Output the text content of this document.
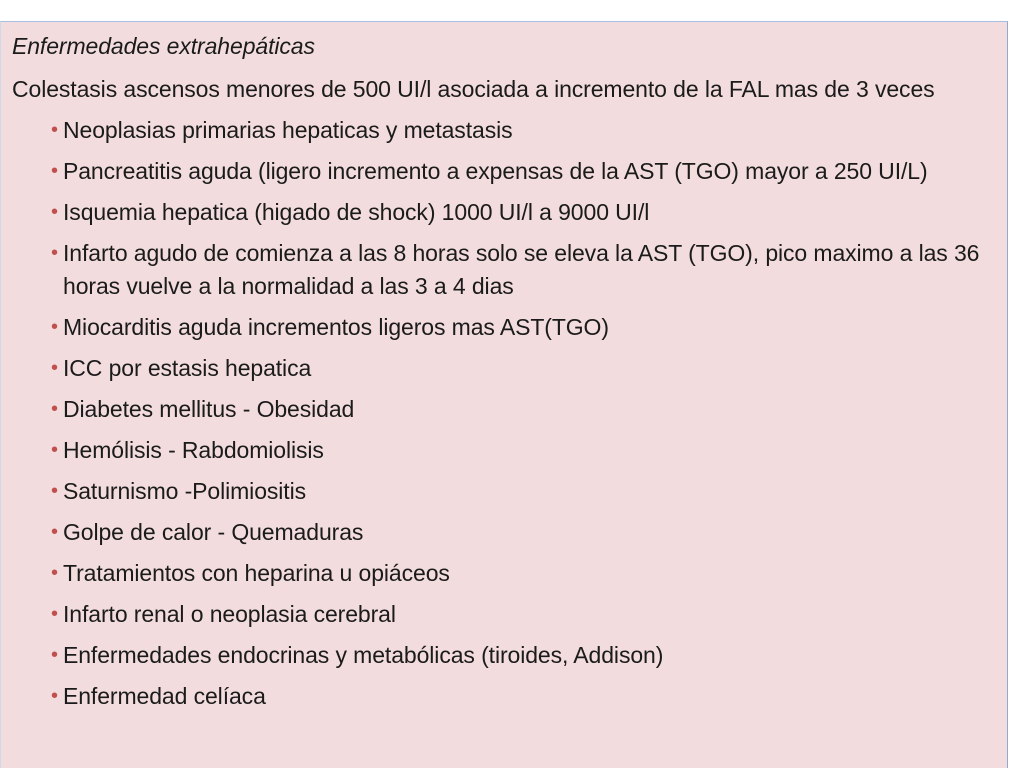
Enfermedades extrahepáticas
Colestasis ascensos menores de 500 UI/l asociada a incremento de la FAL mas de 3 veces
• Neoplasias primarias hepaticas y metastasis
• Pancreatitis aguda (ligero incremento a expensas de la AST (TGO) mayor a 250 UI/L)
• Isquemia hepatica (higado de shock) 1000 UI/l a 9000 UI/l
• Infarto agudo de comienza a las 8 horas solo se eleva la AST (TGO), pico maximo a las 36 horas vuelve a la normalidad a las 3 a 4 dias
• Miocarditis aguda incrementos ligeros mas AST(TGO)
• ICC por estasis hepatica
• Diabetes mellitus - Obesidad
• Hemólisis - Rabdomiolisis
• Saturnismo -Polimiositis
• Golpe de calor - Quemaduras
• Tratamientos con heparina u opiáceos
• Infarto renal o neoplasia cerebral
• Enfermedades endocrinas y metabólicas (tiroides, Addison)
• Enfermedad celíaca
